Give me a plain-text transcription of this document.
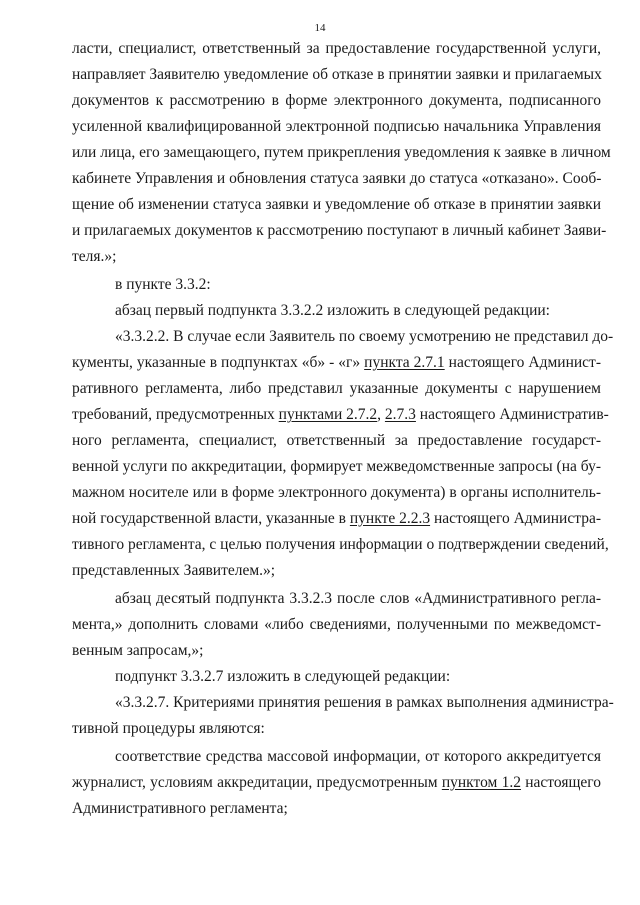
14
ласти, специалист, ответственный за предоставление государственной услуги,
направляет Заявителю уведомление об отказе в принятии заявки и прилагаемых
документов к рассмотрению в форме электронного документа, подписанного
усиленной квалифицированной электронной подписью начальника Управления
или лица, его замещающего, путем прикрепления уведомления к заявке в личном
кабинете Управления и обновления статуса заявки до статуса «отказано». Сооб-
щение об изменении статуса заявки и уведомление об отказе в принятии заявки
и прилагаемых документов к рассмотрению поступают в личный кабинет Заяви-
теля.»;
в пункте 3.3.2:
абзац первый подпункта 3.3.2.2 изложить в следующей редакции:
«3.3.2.2. В случае если Заявитель по своему усмотрению не представил до-
кументы, указанные в подпунктах «б» - «г» пункта 2.7.1 настоящего Админист-
ративного регламента, либо представил указанные документы с нарушением
требований, предусмотренных пунктами 2.7.2, 2.7.3 настоящего Административ-
ного регламента, специалист, ответственный за предоставление государст-
венной услуги по аккредитации, формирует межведомственные запросы (на бу-
мажном носителе или в форме электронного документа) в органы исполнитель-
ной государственной власти, указанные в пункте 2.2.3 настоящего Администра-
тивного регламента, с целью получения информации о подтверждении сведений,
представленных Заявителем.»;
абзац десятый подпункта 3.3.2.3 после слов «Административного регла-
мента,» дополнить словами «либо сведениями, полученными по межведомст-
венным запросам,»;
подпункт 3.3.2.7 изложить в следующей редакции:
«3.3.2.7. Критериями принятия решения в рамках выполнения администра-
тивной процедуры являются:
соответствие средства массовой информации, от которого аккредитуется
журналист, условиям аккредитации, предусмотренным пунктом 1.2 настоящего
Административного регламента;
